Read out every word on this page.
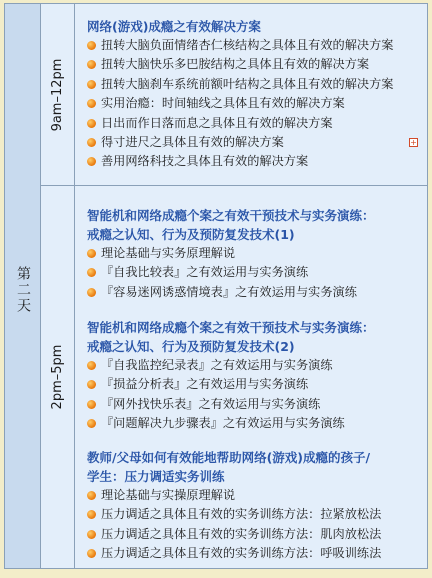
第二天
9am–12pm
2pm–5pm
网络(游戏)成瘾之有效解决方案
扭转大脑负面情绪杏仁核结构之具体且有效的解决方案
扭转大脑快乐多巴胺结构之具体且有效的解决方案
扭转大脑刹车系统前额叶结构之具体且有效的解决方案
实用治瘾：时间轴线之具体且有效的解决方案
日出而作日落而息之具体且有效的解决方案
得寸进尺之具体且有效的解决方案
善用网络科技之具体且有效的解决方案
智能机和网络成瘾个案之有效干预技术与实务演练：
戒瘾之认知、行为及预防复发技术(1)
理论基础与实务原理解说
『自我比较表』之有效运用与实务演练
『容易迷网诱惑情境表』之有效运用与实务演练
智能机和网络成瘾个案之有效干预技术与实务演练：
戒瘾之认知、行为及预防复发技术(2)
『自我监控纪录表』之有效运用与实务演练
『损益分析表』之有效运用与实务演练
『网外找快乐表』之有效运用与实务演练
『问题解决九步骤表』之有效运用与实务演练
教师/父母如何有效能地帮助网络(游戏)成瘾的孩子/
学生：压力调适实务训练
理论基础与实操原理解说
压力调适之具体且有效的实务训练方法：拉紧放松法
压力调适之具体且有效的实务训练方法：肌肉放松法
压力调适之具体且有效的实务训练方法：呼吸训练法
+
